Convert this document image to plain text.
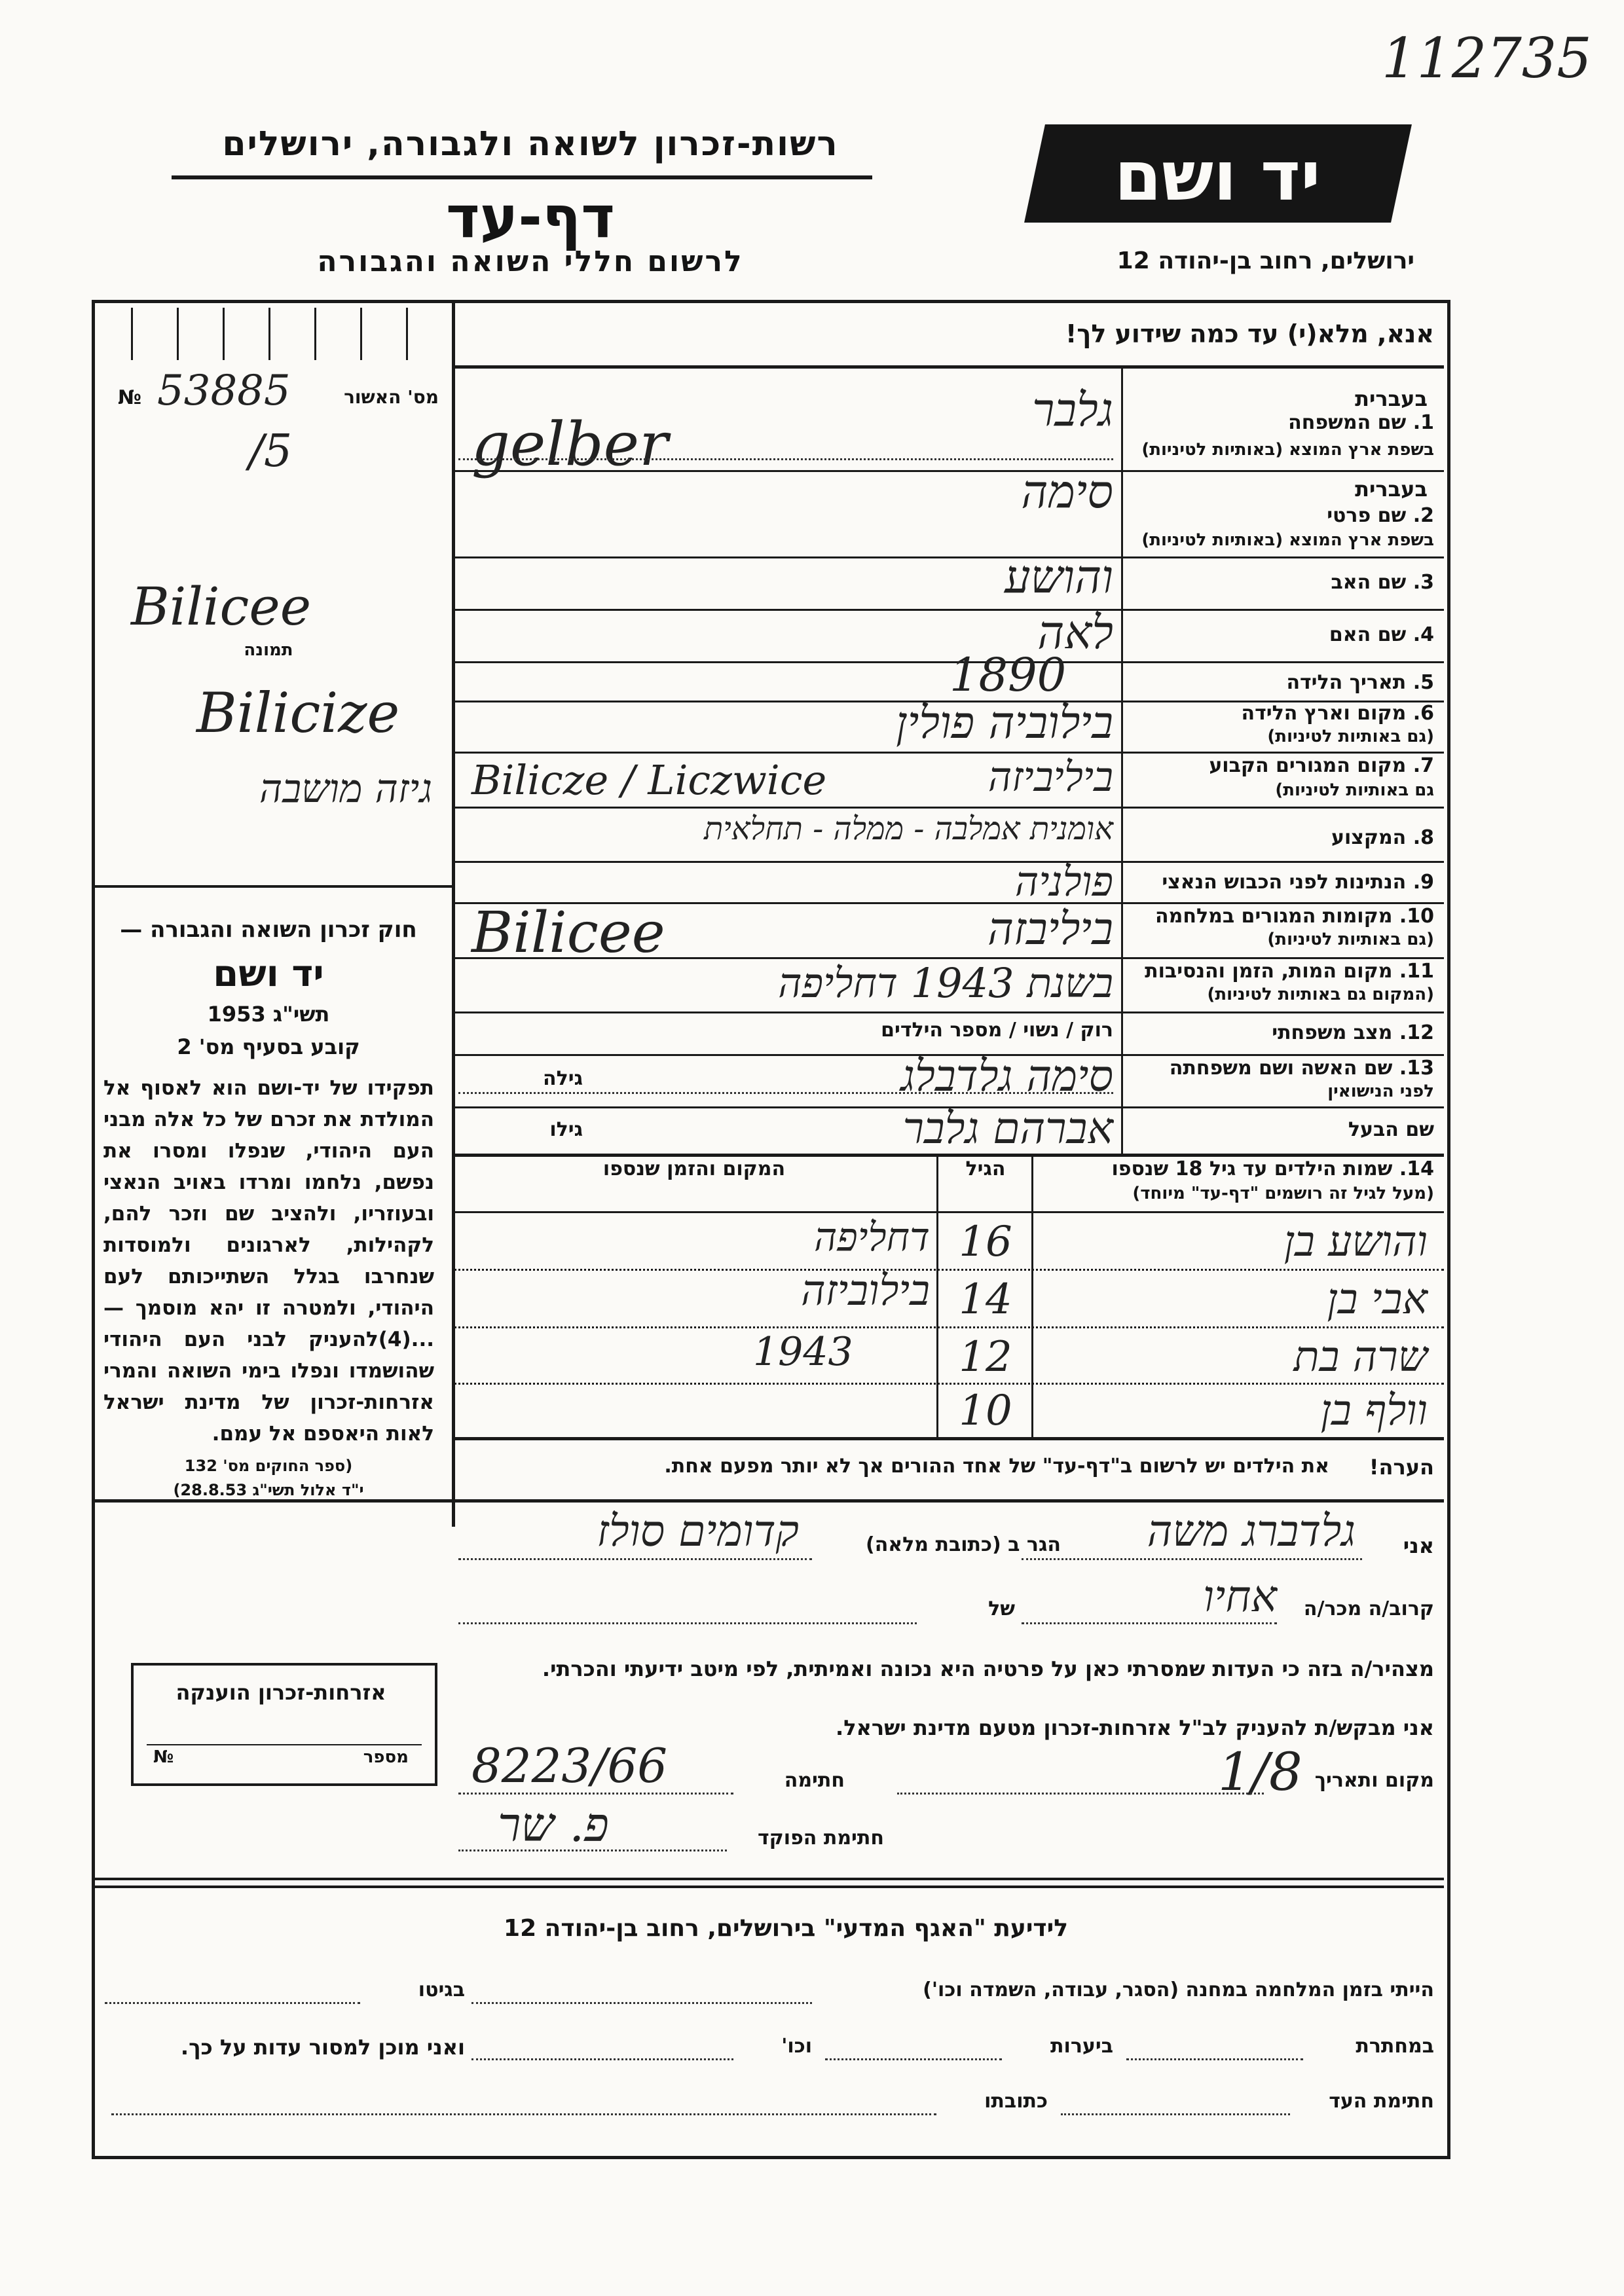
112735
רשות-זכרון לשואה ולגבורה, ירושלים
דף-עד
לרשום חללי השואה והגבורה
יד ושם
ירושלים, רחוב בן-יהודה 12
אנא, מלא(י) עד כמה שידוע לך!
№ 53885
/5
מס' האשור
Bilicee
תמונה
Bilicize
גיזה מושבה
חוק זכרון השואה והגבורה —
יד ושם
1953 תשי"ג
קובע בסעיף מס' 2
תפקידו של יד-ושם הוא לאסוף אל המולדת את זכרם של כל אלה מבני העם היהודי, שנפלו ומסרו את נפשם, נלחמו ומרדו באויב הנאצי ובעוזריו, ולהציב שם וזכר להם, לקהילות, לארגונים ולמוסדות שנחרבו בגלל השתייכותם לעם היהודי, ולמטרה זו יהא מוסמך — ...(4)להעניק לבני העם היהודי שהושמדו ונפלו בימי השואה והמרי אזרחות-זכרון של מדינת ישראל לאות היאספם אל עמם.
(ספר החוקים מס' 132
י"ד אלול תשי"ג 28.8.53)
אזרחות-זכרון הוענקה
№	מספר
בעברית
1. שם המשפחה
בשפת ארץ המוצא (באותיות לטיניות)
גלבר
gelber
בעברית
2. שם פרטי
בשפת ארץ המוצא (באותיות לטיניות)
סימה
3. שם האב
והושע
4. שם האם
לאה
5. תאריך הלידה
1890
6. מקום וארץ הלידה
(גם באותיות לטיניות)
בילוביה פולין
7. מקום המגורים הקבוע
גם באותיות לטיניות)
ביליביזה
Bilicze / Liczwice
8. המקצוע
אומנית אמלבה - ממלה - תחלאית
9. הנתינות לפני הכבוש הנאצי
פולניה
10. מקומות המגורים במלחמה
(גם באותיות לטיניות)
ביליבזה
Bilicee
11. מקום המות, הזמן והנסיבות
(המקום גם באותיות לטיניות)
בשנת 1943 דחליפה
12. מצב משפחתי
רוק / נשוי / מספר הילדים
13. שם האשה ושם משפחתה
לפני הנישואין
סימה גלדבלג
גילה
שם הבעל
אברהם גלבר
גילו
14. שמות הילדים עד גיל 18 שנספו
(מעל לגיל זה רושמים "דף-עד" מיוחד)
הגיל
המקום והזמן שנספו
והושע בן
16
דחליפה
אבי בן
14
בילוביזה
שרה בת
12
1943
וולף בן
10
הערה!
את הילדים יש לרשום ב"דף-עד" של אחד ההורים אך לא יותר מפעם אחת.
אני
גלדברג משה
הגר ב (כתובת מלאה)
קדומים סולז
קרוב/ה מכר/ה
אחיו
של
מצהיר/ה בזה כי העדות שמסרתי כאן על פרטיה היא נכונה ואמיתית, לפי מיטב ידיעתי והכרתי.
אני מבקש/ת להעניק לב"ל אזרחות-זכרון מטעם מדינת ישראל.
מקום ותאריך
1/8
חתימה
8223/66
חתימת הפוקד
פ. שר
לידיעת "האגף המדעי" בירושלים, רחוב בן-יהודה 12
הייתי בזמן המלחמה במחנה (הסגר, עבודה, השמדה וכו')
בגיטו
במחתרת
ביערות
וכו'
ואני מוכן למסור עדות על כך.
חתימת העד
כתובתו
